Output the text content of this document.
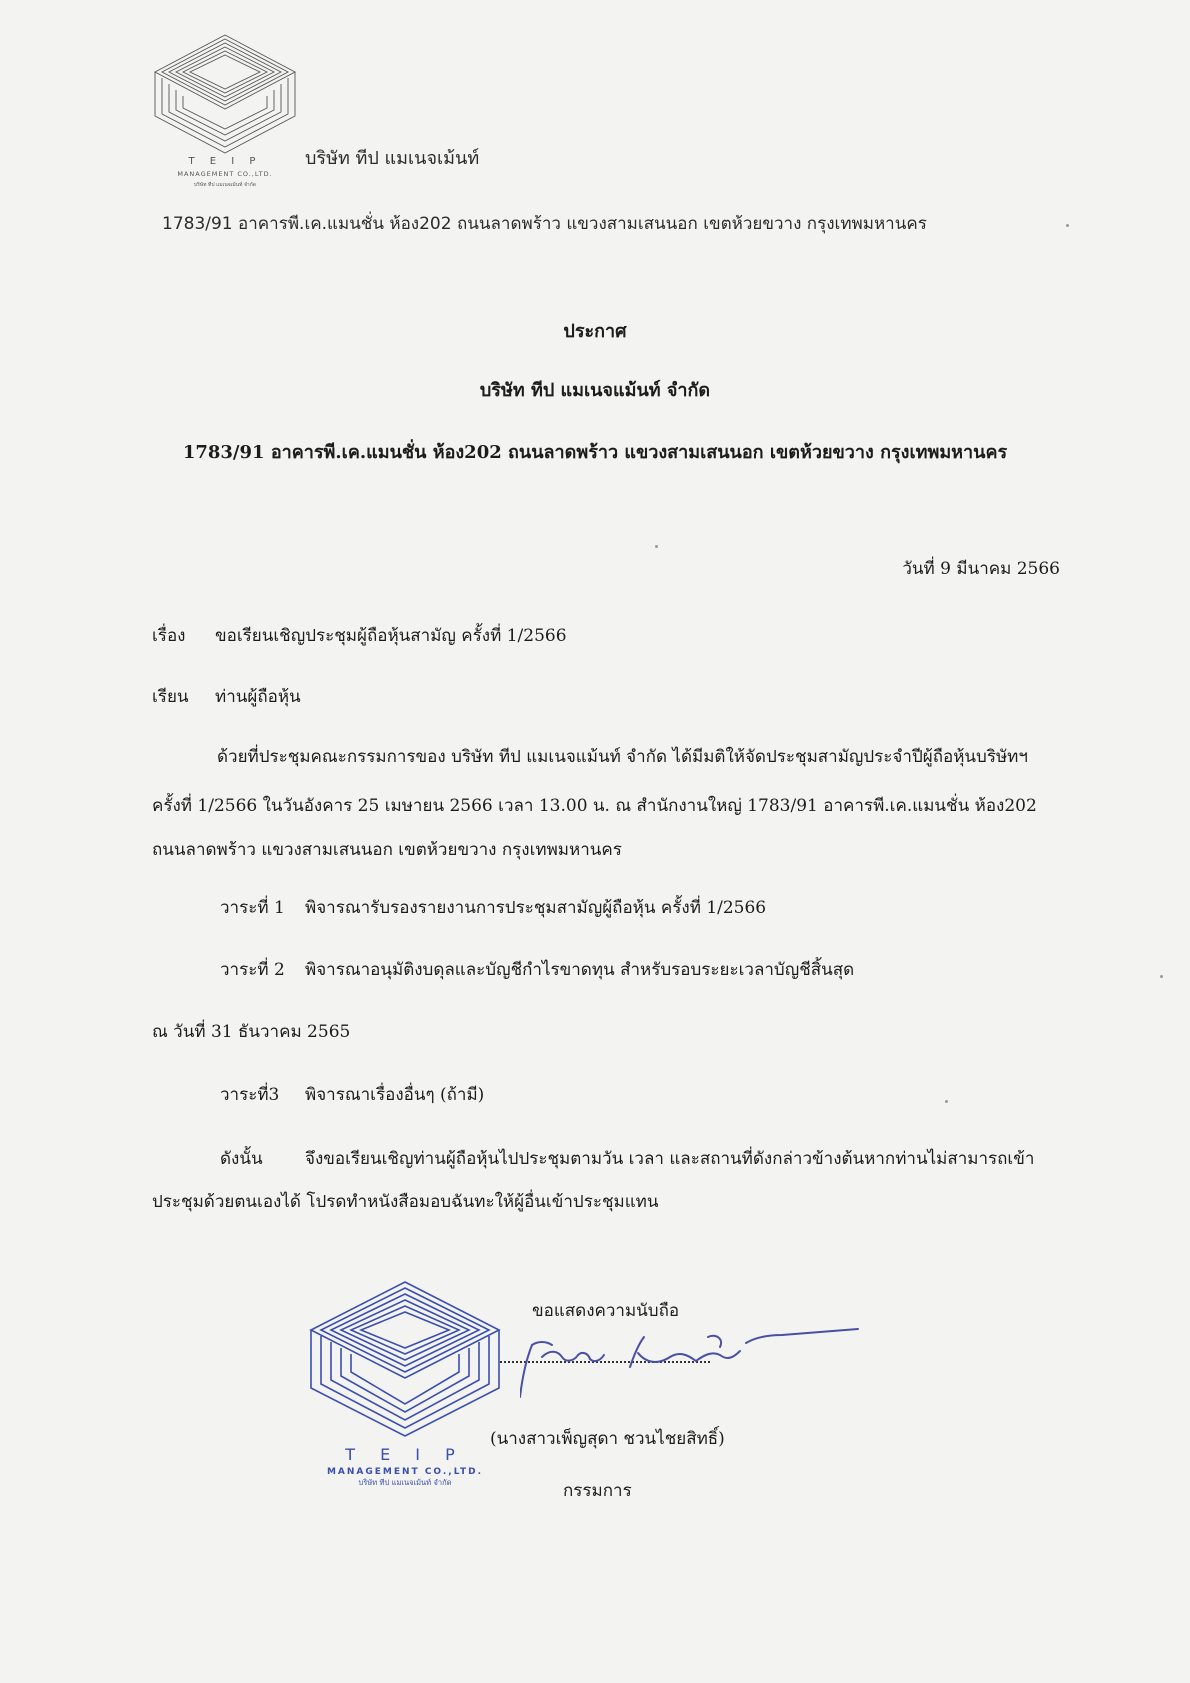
T E I P
MANAGEMENT CO.,LTD.
บริษัท ทีป แมเนจเม้นท์ จำกัด
บริษัท ทีป แมเนจเม้นท์
1783/91 อาคารพี.เค.แมนชั่น ห้อง202 ถนนลาดพร้าว แขวงสามเสนนอก เขตห้วยขวาง กรุงเทพมหานคร
ประกาศ
บริษัท ทีป แมเนจแม้นท์ จำกัด
1783/91 อาคารพี.เค.แมนชั่น ห้อง202 ถนนลาดพร้าว แขวงสามเสนนอก เขตห้วยขวาง กรุงเทพมหานคร
วันที่ 9 มีนาคม 2566
เรื่อง ขอเรียนเชิญประชุมผู้ถือหุ้นสามัญ ครั้งที่ 1/2566
เรียน ท่านผู้ถือหุ้น
ด้วยที่ประชุมคณะกรรมการของ บริษัท ทีป แมเนจแม้นท์ จำกัด ได้มีมติให้จัดประชุมสามัญประจำปีผู้ถือหุ้นบริษัทฯ
ครั้งที่ 1/2566 ในวันอังคาร 25 เมษายน 2566 เวลา 13.00 น. ณ สำนักงานใหญ่ 1783/91 อาคารพี.เค.แมนชั่น ห้อง202
ถนนลาดพร้าว แขวงสามเสนนอก เขตห้วยขวาง กรุงเทพมหานคร
วาระที่ 1 พิจารณารับรองรายงานการประชุมสามัญผู้ถือหุ้น ครั้งที่ 1/2566
วาระที่ 2 พิจารณาอนุมัติงบดุลและบัญชีกำไรขาดทุน สำหรับรอบระยะเวลาบัญชีสิ้นสุด
ณ วันที่ 31 ธันวาคม 2565
วาระที่3 พิจารณาเรื่องอื่นๆ (ถ้ามี)
ดังนั้น จึงขอเรียนเชิญท่านผู้ถือหุ้นไปประชุมตามวัน เวลา และสถานที่ดังกล่าวข้างต้นหากท่านไม่สามารถเข้า
ประชุมด้วยตนเองได้ โปรดทำหนังสือมอบฉันทะให้ผู้อื่นเข้าประชุมแทน
T E I P
MANAGEMENT CO.,LTD.
บริษัท ทีป แมเนจเม้นท์ จำกัด
ขอแสดงความนับถือ
(นางสาวเพ็ญสุดา ชวนไชยสิทธิ์)
กรรมการ
